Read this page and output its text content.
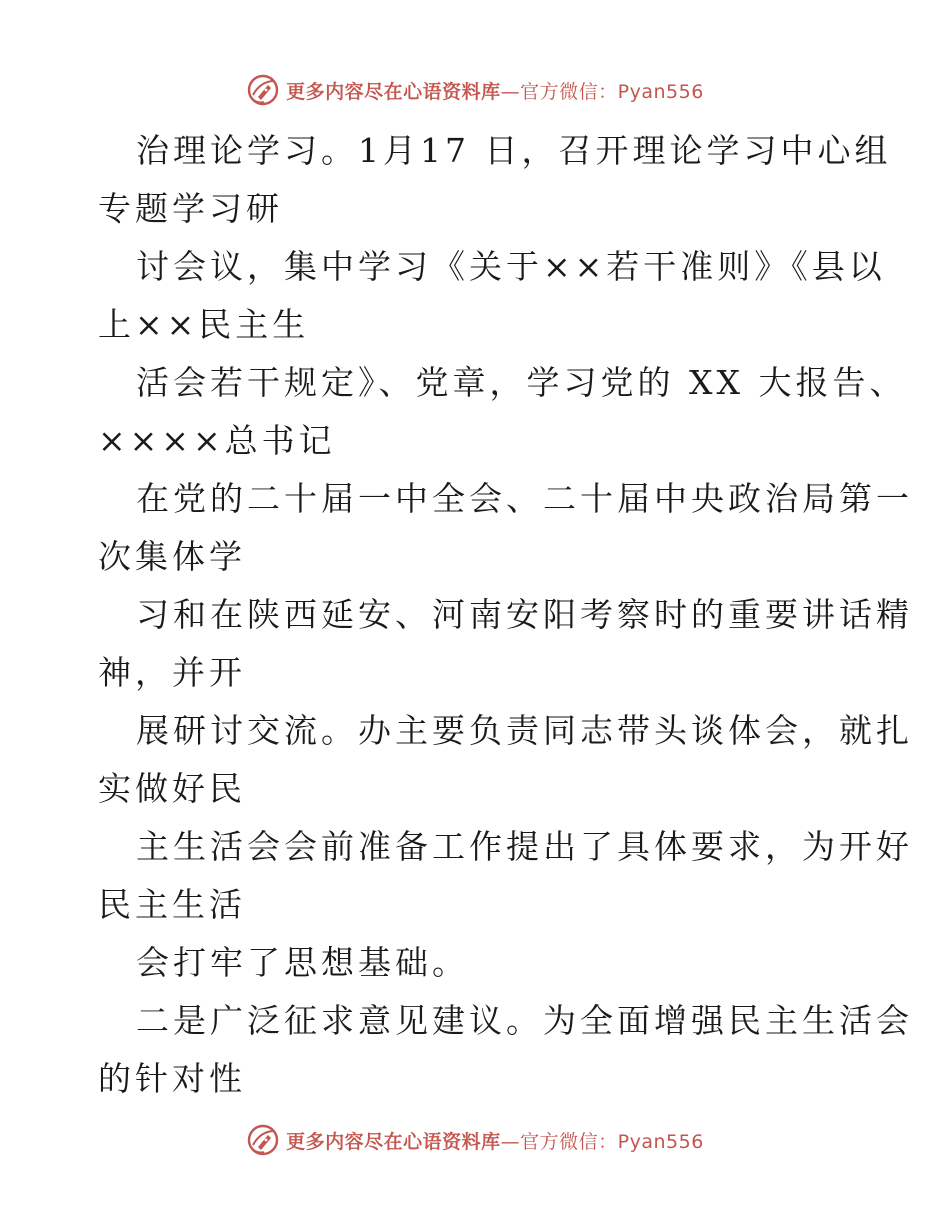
更多内容尽在心语资料库—官方微信：Pyan556
治理论学习。1月17 日，召开理论学习中心组
专题学习研
讨会议，集中学习《关于××若干准则》《县以
上××民主生
活会若干规定》、党章，学习党的 XX 大报告、
××××总书记
在党的二十届一中全会、二十届中央政治局第一
次集体学
习和在陕西延安、河南安阳考察时的重要讲话精
神，并开
展研讨交流。办主要负责同志带头谈体会，就扎
实做好民
主生活会会前准备工作提出了具体要求，为开好
民主生活
会打牢了思想基础。
二是广泛征求意见建议。为全面增强民主生活会
的针对性
更多内容尽在心语资料库—官方微信：Pyan556
